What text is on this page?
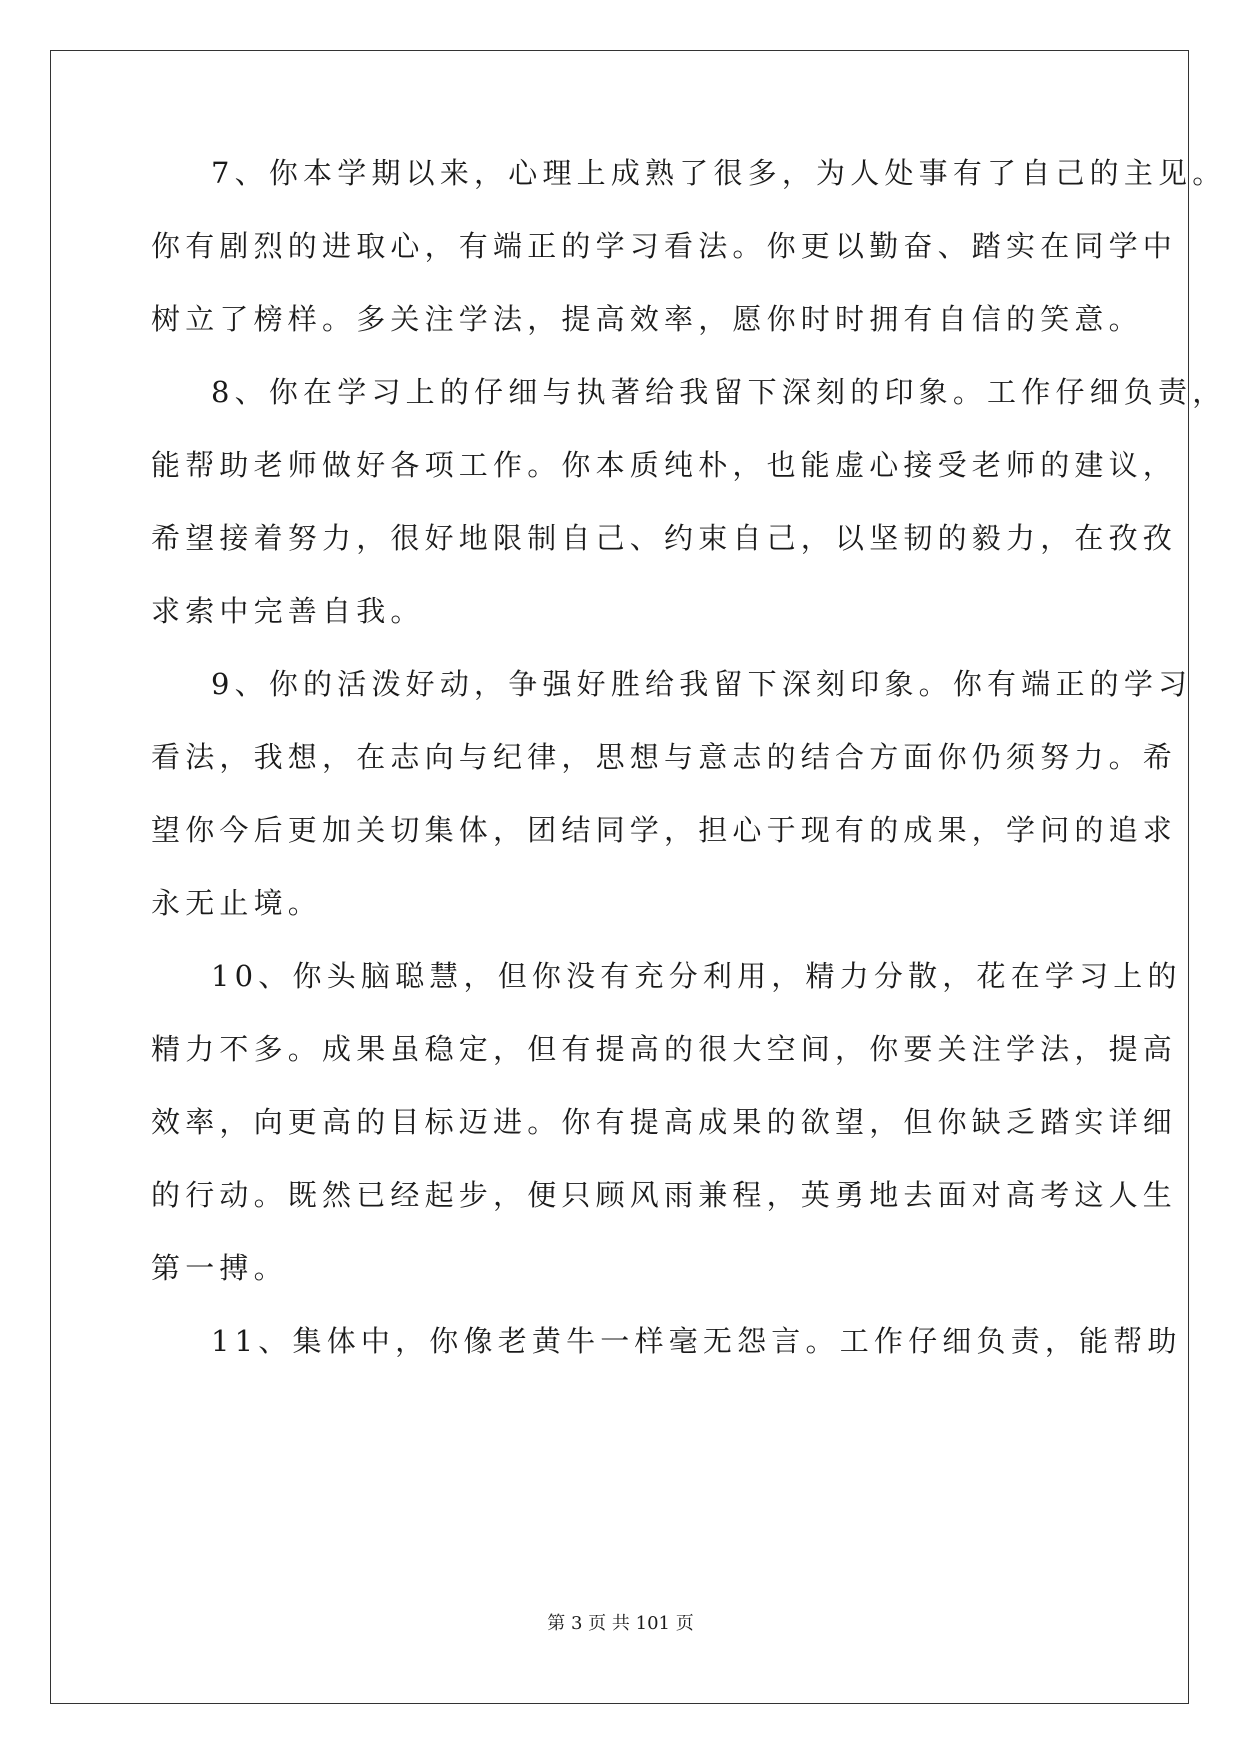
7、你本学期以来，心理上成熟了很多，为人处事有了自己的主见。
你有剧烈的进取心，有端正的学习看法。你更以勤奋、踏实在同学中
树立了榜样。多关注学法，提高效率，愿你时时拥有自信的笑意。
8、你在学习上的仔细与执著给我留下深刻的印象。工作仔细负责，
能帮助老师做好各项工作。你本质纯朴，也能虚心接受老师的建议，
希望接着努力，很好地限制自己、约束自己，以坚韧的毅力，在孜孜
求索中完善自我。
9、你的活泼好动，争强好胜给我留下深刻印象。你有端正的学习
看法，我想，在志向与纪律，思想与意志的结合方面你仍须努力。希
望你今后更加关切集体，团结同学，担心于现有的成果，学问的追求
永无止境。
10、你头脑聪慧，但你没有充分利用，精力分散，花在学习上的
精力不多。成果虽稳定，但有提高的很大空间，你要关注学法，提高
效率，向更高的目标迈进。你有提高成果的欲望，但你缺乏踏实详细
的行动。既然已经起步，便只顾风雨兼程，英勇地去面对高考这人生
第一搏。
11、集体中，你像老黄牛一样毫无怨言。工作仔细负责，能帮助
第 3 页 共 101 页
